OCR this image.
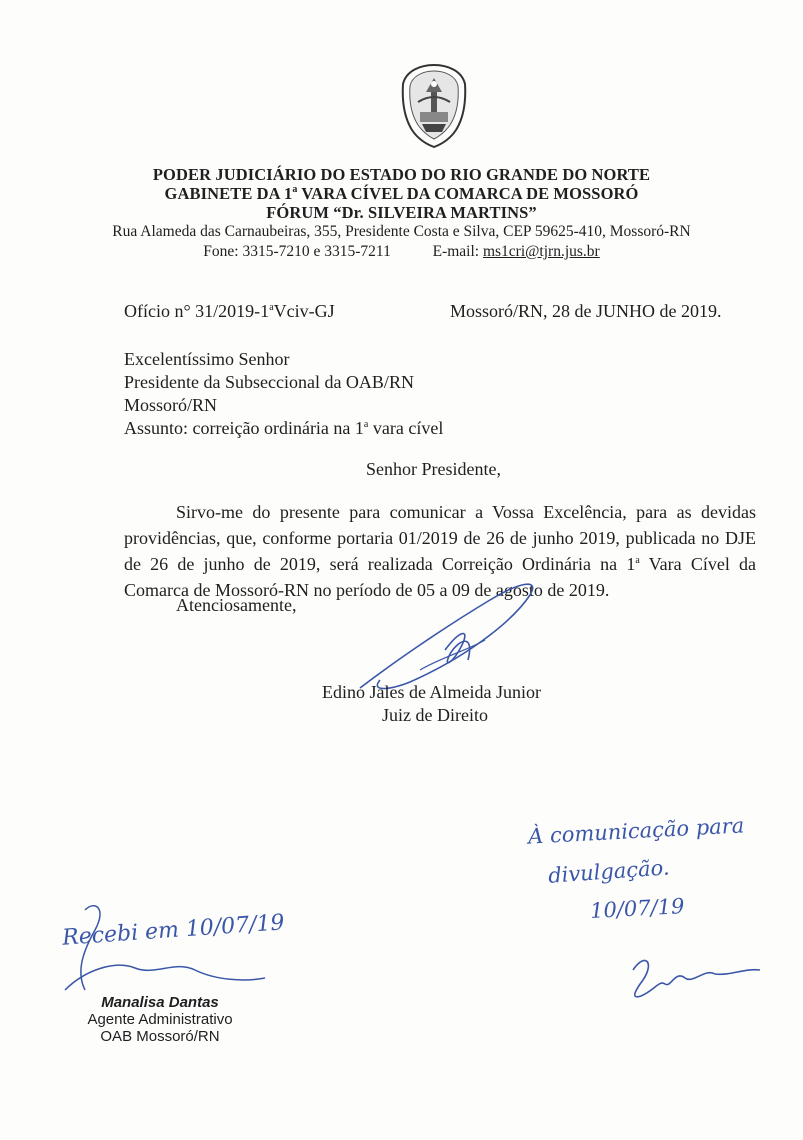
PODER JUDICIÁRIO DO ESTADO DO RIO GRANDE DO NORTE
GABINETE DA 1$^a$ VARA CÍVEL DA COMARCA DE MOSSORÓ
FÓRUM “Dr. SILVEIRA MARTINS”
Rua Alameda das Carnaubeiras, 355, Presidente Costa e Silva, CEP 59625-410, Mossoró-RN
Fone: 3315-7210 e 3315-7211	E-mail: ms1cri@tjrn.jus.br
Ofício n° 31/2019-1$^a$Vciv-GJ	Mossoró/RN, 28 de JUNHO de 2019.
Excelentíssimo Senhor
Presidente da Subseccional da OAB/RN
Mossoró/RN
Assunto: correição ordinária na 1$^a$ vara cível
Senhor Presidente,
Sirvo-me do presente para comunicar a Vossa Excelência, para as devidas providências, que, conforme portaria 01/2019 de 26 de junho 2019, publicada no DJE de 26 de junho de 2019, será realizada Correição Ordinária na 1$^a$ Vara Cível da Comarca de Mossoró-RN no período de 05 a 09 de agosto de 2019.
Atenciosamente,
Edino Jales de Almeida Junior
Juiz de Direito
À comunicação para
divulgação.
10/07/19
Recebi em 10/07/19
Manalisa Dantas
Agente Administrativo
OAB Mossoró/RN
